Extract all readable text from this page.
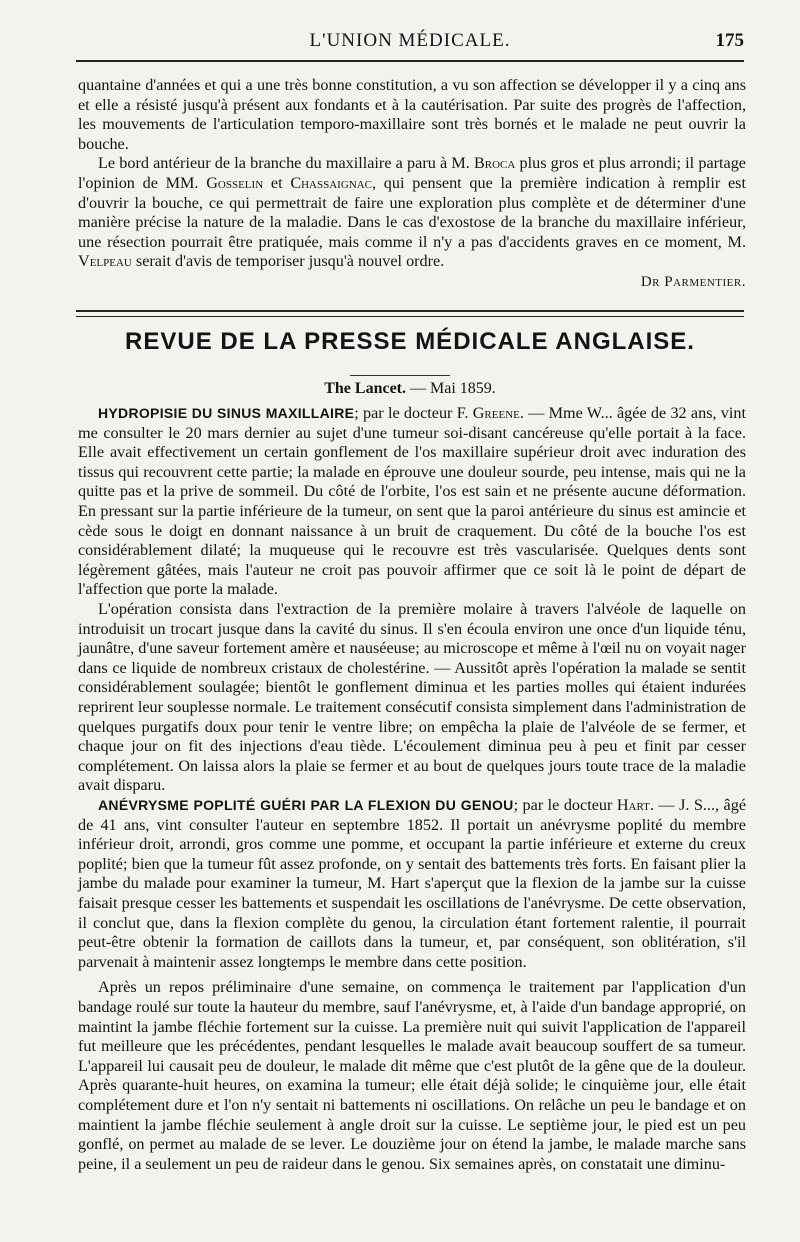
L'UNION MÉDICALE.	175

quantaine d'années et qui a une très bonne constitution, a vu son affection se développer il y a cinq ans et elle a résisté jusqu'à présent aux fondants et à la cautérisation. Par suite des progrès de l'affection, les mouvements de l'articulation temporo-maxillaire sont très bornés et le malade ne peut ouvrir la bouche.

Le bord antérieur de la branche du maxillaire a paru à M. Broca plus gros et plus arrondi; il partage l'opinion de MM. Gosselin et Chassaignac, qui pensent que la première indication à remplir est d'ouvrir la bouche, ce qui permettrait de faire une exploration plus complète et de déterminer d'une manière précise la nature de la maladie. Dans le cas d'exostose de la branche du maxillaire inférieur, une résection pourrait être pratiquée, mais comme il n'y a pas d'accidents graves en ce moment, M. Velpeau serait d'avis de temporiser jusqu'à nouvel ordre.

Dr Parmentier.
REVUE DE LA PRESSE MÉDICALE ANGLAISE.
The Lancet. — Mai 1859.

HYDROPISIE DU SINUS MAXILLAIRE; par le docteur F. Greene. — Mme W... âgée de 32 ans, vint me consulter le 20 mars dernier au sujet d'une tumeur soi-disant cancéreuse qu'elle portait à la face. Elle avait effectivement un certain gonflement de l'os maxillaire supérieur droit avec induration des tissus qui recouvrent cette partie; la malade en éprouve une douleur sourde, peu intense, mais qui ne la quitte pas et la prive de sommeil. Du côté de l'orbite, l'os est sain et ne présente aucune déformation. En pressant sur la partie inférieure de la tumeur, on sent que la paroi antérieure du sinus est amincie et cède sous le doigt en donnant naissance à un bruit de craquement. Du côté de la bouche l'os est considérablement dilaté; la muqueuse qui le recouvre est très vascularisée. Quelques dents sont légèrement gâtées, mais l'auteur ne croit pas pouvoir affirmer que ce soit là le point de départ de l'affection que porte la malade.

L'opération consista dans l'extraction de la première molaire à travers l'alvéole de laquelle on introduisit un trocart jusque dans la cavité du sinus. Il s'en écoula environ une once d'un liquide ténu, jaunâtre, d'une saveur fortement amère et nauséeuse; au microscope et même à l'œil nu on voyait nager dans ce liquide de nombreux cristaux de cholestérine. — Aussitôt après l'opération la malade se sentit considérablement soulagée; bientôt le gonflement diminua et les parties molles qui étaient indurées reprirent leur souplesse normale. Le traitement consécutif consista simplement dans l'administration de quelques purgatifs doux pour tenir le ventre libre; on empêcha la plaie de l'alvéole de se fermer, et chaque jour on fit des injections d'eau tiède. L'écoulement diminua peu à peu et finit par cesser complétement. On laissa alors la plaie se fermer et au bout de quelques jours toute trace de la maladie avait disparu.

ANÉVRYSME POPLITÉ GUÉRI PAR LA FLEXION DU GENOU; par le docteur Hart. — J. S..., âgé de 41 ans, vint consulter l'auteur en septembre 1852. Il portait un anévrysme poplité du membre inférieur droit, arrondi, gros comme une pomme, et occupant la partie inférieure et externe du creux poplité; bien que la tumeur fût assez profonde, on y sentait des battements très forts. En faisant plier la jambe du malade pour examiner la tumeur, M. Hart s'aperçut que la flexion de la jambe sur la cuisse faisait presque cesser les battements et suspendait les oscillations de l'anévrysme. De cette observation, il conclut que, dans la flexion complète du genou, la circulation étant fortement ralentie, il pourrait peut-être obtenir la formation de caillots dans la tumeur, et, par conséquent, son oblitération, s'il parvenait à maintenir assez longtemps le membre dans cette position.

Après un repos préliminaire d'une semaine, on commença le traitement par l'application d'un bandage roulé sur toute la hauteur du membre, sauf l'anévrysme, et, à l'aide d'un bandage approprié, on maintint la jambe fléchie fortement sur la cuisse. La première nuit qui suivit l'application de l'appareil fut meilleure que les précédentes, pendant lesquelles le malade avait beaucoup souffert de sa tumeur. L'appareil lui causait peu de douleur, le malade dit même que c'est plutôt de la gêne que de la douleur. Après quarante-huit heures, on examina la tumeur; elle était déjà solide; le cinquième jour, elle était complétement dure et l'on n'y sentait ni battements ni oscillations. On relâche un peu le bandage et on maintient la jambe fléchie seulement à angle droit sur la cuisse. Le septième jour, le pied est un peu gonflé, on permet au malade de se lever. Le douzième jour on étend la jambe, le malade marche sans peine, il a seulement un peu de raideur dans le genou. Six semaines après, on constatait une diminu-
